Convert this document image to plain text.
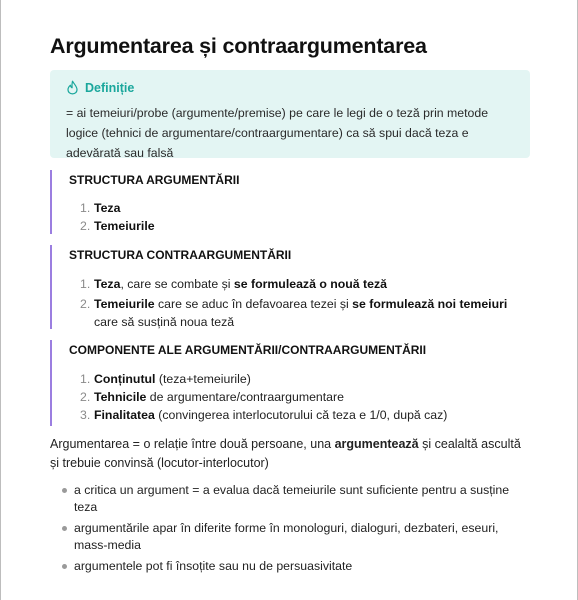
Argumentarea și contraargumentarea
Definiție
= ai temeiuri/probe (argumente/premise) pe care le legi de o teză prin metode logice (tehnici de argumentare/contraargumentare) ca să spui dacă teza e adevărată sau falsă
STRUCTURA ARGUMENTĂRII
1. Teza
2. Temeiurile
STRUCTURA CONTRAARGUMENTĂRII
1. Teza, care se combate și se formulează o nouă teză
2. Temeiurile care se aduc în defavoarea tezei și se formulează noi temeiuri care să susțină noua teză
COMPONENTE ALE ARGUMENTĂRII/CONTRAARGUMENTĂRII
1. Conținutul (teza+temeiurile)
2. Tehnicile de argumentare/contraargumentare
3. Finalitatea (convingerea interlocutorului că teza e 1/0, după caz)
Argumentarea = o relație între două persoane, una argumentează și cealaltă ascultă și trebuie convinsă (locutor-interlocutor)
a critica un argument = a evalua dacă temeiurile sunt suficiente pentru a susține teza
argumentările apar în diferite forme în monologuri, dialoguri, dezbateri, eseuri, mass-media
argumentele pot fi însoțite sau nu de persuasivitate
